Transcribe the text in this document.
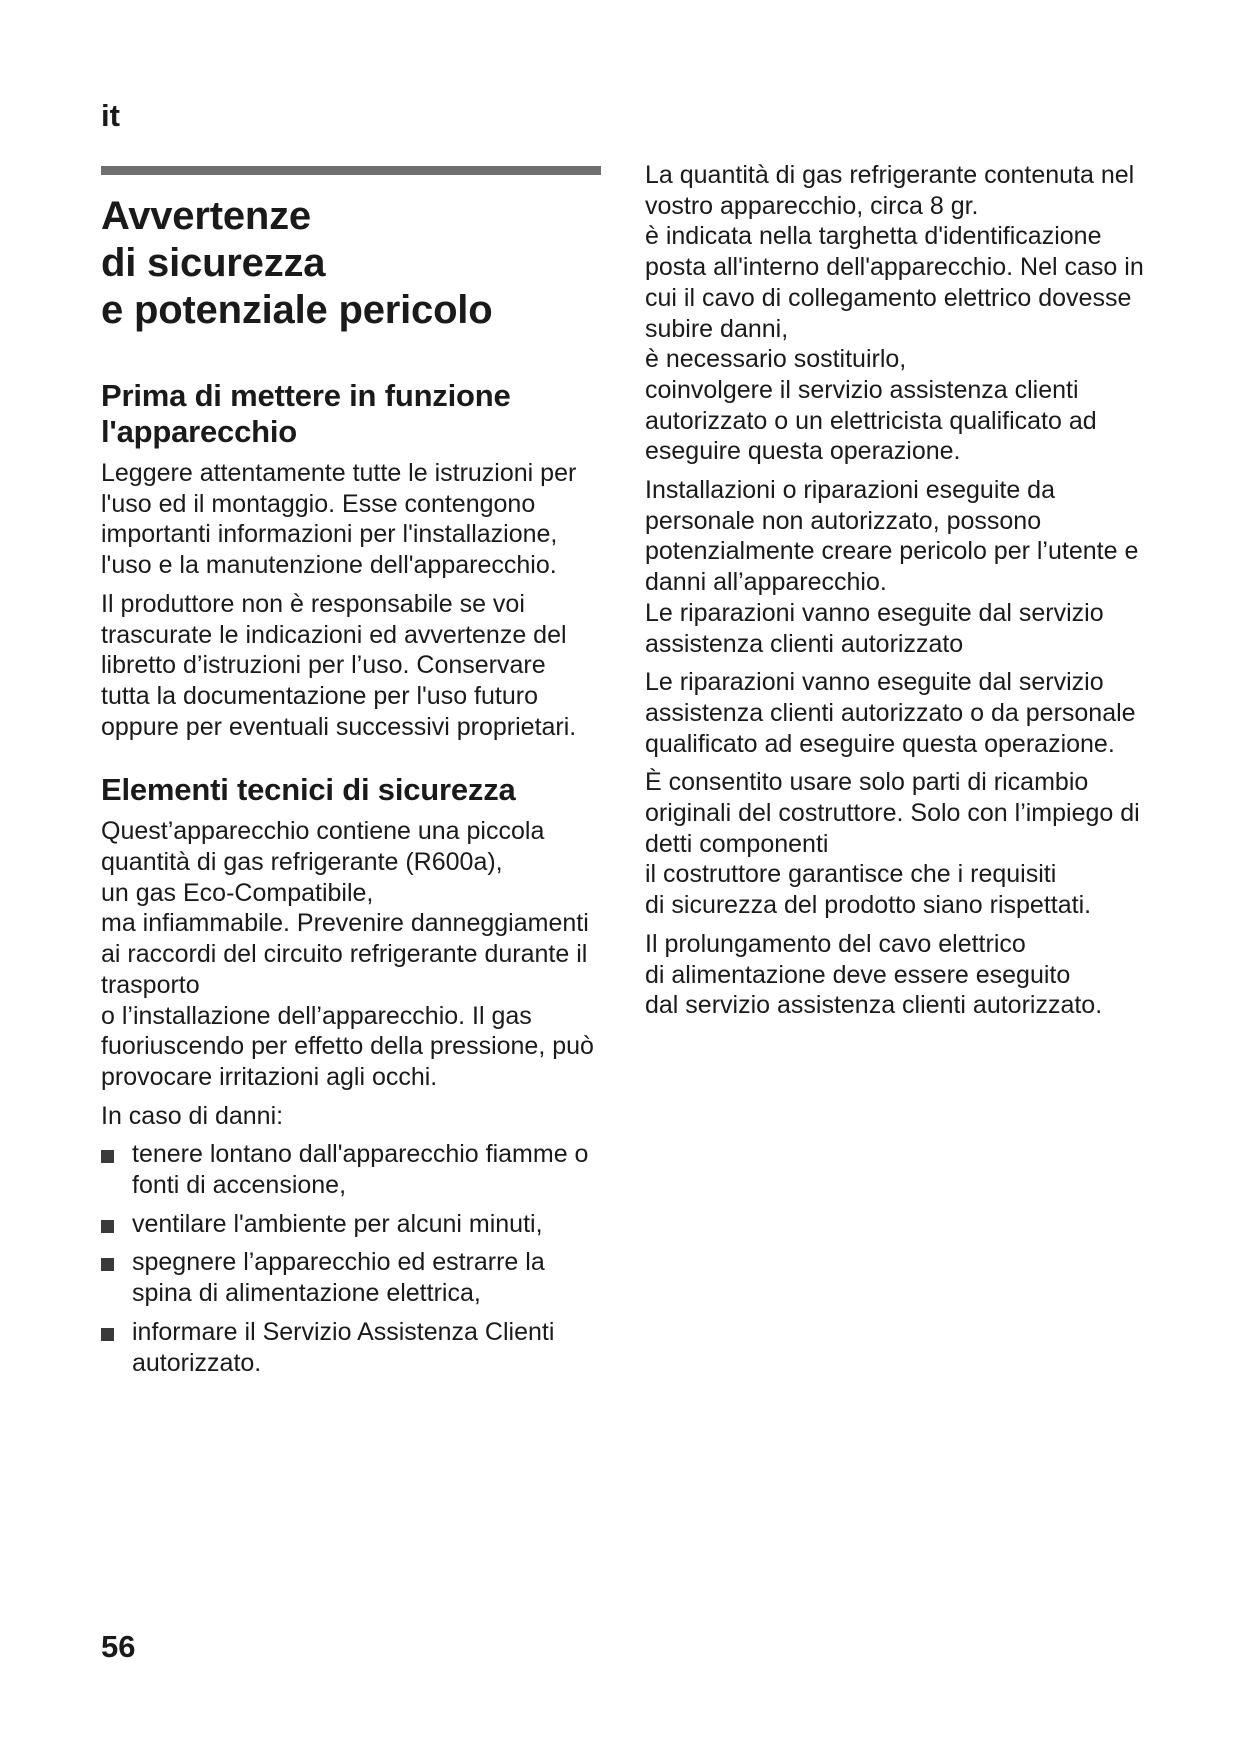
it
Avvertenze
di sicurezza
e potenziale pericolo
Prima di mettere in funzione l'apparecchio

Leggere attentamente tutte le istruzioni per l'uso ed il montaggio. Esse contengono importanti informazioni per l'installazione, l'uso e la manutenzione dell'apparecchio.

Il produttore non è responsabile se voi trascurate le indicazioni ed avvertenze del libretto d’istruzioni per l’uso. Conservare tutta la documentazione per l'uso futuro oppure per eventuali successivi proprietari.

Elementi tecnici di sicurezza

Quest’apparecchio contiene una piccola quantità di gas refrigerante (R600a),
un gas Eco-Compatibile,
ma infiammabile. Prevenire danneggiamenti ai raccordi del circuito refrigerante durante il trasporto
o l’installazione dell’apparecchio. Il gas fuoriuscendo per effetto della pressione, può provocare irritazioni agli occhi.

In caso di danni:

tenere lontano dall'apparecchio fiamme o fonti di accensione,
ventilare l'ambiente per alcuni minuti,
spegnere l’apparecchio ed estrarre la spina di alimentazione elettrica,
informare il Servizio Assistenza Clienti autorizzato.

La quantità di gas refrigerante contenuta nel vostro apparecchio, circa 8 gr.
è indicata nella targhetta d'identificazione posta all'interno dell'apparecchio. Nel caso in cui il cavo di collegamento elettrico dovesse subire danni,
è necessario sostituirlo,
coinvolgere il servizio assistenza clienti autorizzato o un elettricista qualificato ad eseguire questa operazione.

Installazioni o riparazioni eseguite da personale non autorizzato, possono potenzialmente creare pericolo per l’utente e danni all’apparecchio.
Le riparazioni vanno eseguite dal servizio assistenza clienti autorizzato

Le riparazioni vanno eseguite dal servizio assistenza clienti autorizzato o da personale qualificato ad eseguire questa operazione.

È consentito usare solo parti di ricambio originali del costruttore. Solo con l’impiego di detti componenti
il costruttore garantisce che i requisiti
di sicurezza del prodotto siano rispettati.

Il prolungamento del cavo elettrico
di alimentazione deve essere eseguito
dal servizio assistenza clienti autorizzato.

56
